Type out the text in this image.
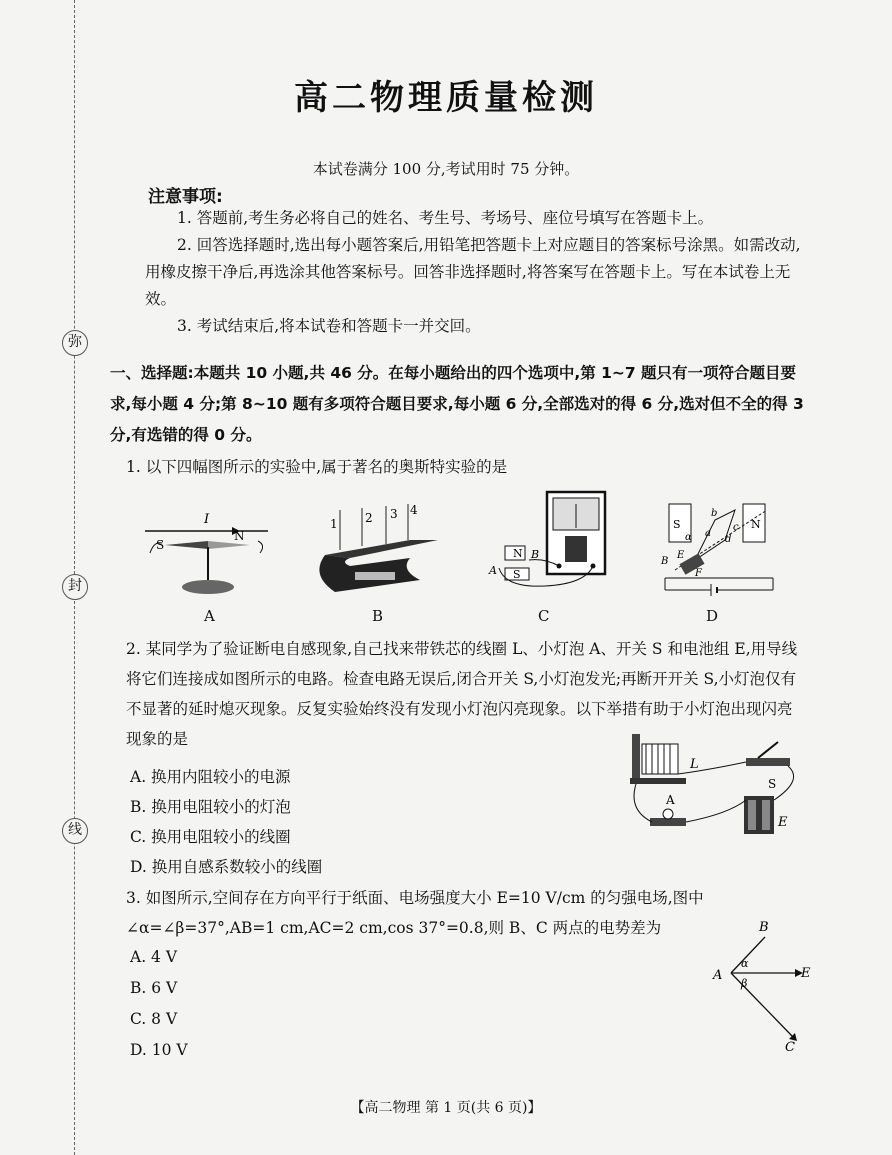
弥
封
线
高二物理质量检测
本试卷满分 100 分,考试用时 75 分钟。
注意事项:
1. 答题前,考生务必将自己的姓名、考生号、考场号、座位号填写在答题卡上。
2. 回答选择题时,选出每小题答案后,用铅笔把答题卡上对应题目的答案标号涂黑。如需改动,用橡皮擦干净后,再选涂其他答案标号。回答非选择题时,将答案写在答题卡上。写在本试卷上无效。
3. 考试结束后,将本试卷和答题卡一并交回。
一、选择题:本题共 10 小题,共 46 分。在每小题给出的四个选项中,第 1~7 题只有一项符合题目要求,每小题 4 分;第 8~10 题有多项符合题目要求,每小题 6 分,全部选对的得 6 分,选对但不全的得 3 分,有选错的得 0 分。
1. 以下四幅图所示的实验中,属于著名的奥斯特实验的是
I
S
N
1 2 3 4
N
S
A
B
S	N
b
c
d
a
α
E
B
F
A	B	C	D
2. 某同学为了验证断电自感现象,自己找来带铁芯的线圈 L、小灯泡 A、开关 S 和电池组 E,用导线将它们连接成如图所示的电路。检查电路无误后,闭合开关 S,小灯泡发光;再断开开关 S,小灯泡仅有不显著的延时熄灭现象。反复实验始终没有发现小灯泡闪亮现象。以下举措有助于小灯泡出现闪亮现象的是
L
S
A
E
A. 换用内阻较小的电源
B. 换用电阻较小的灯泡
C. 换用电阻较小的线圈
D. 换用自感系数较小的线圈
3. 如图所示,空间存在方向平行于纸面、电场强度大小 E=10 V/cm 的匀强电场,图中∠α=∠β=37°,AB=1 cm,AC=2 cm,cos 37°=0.8,则 B、C 两点的电势差为
A. 4 V
B. 6 V
C. 8 V
D. 10 V
B
A	E
C
α
β
【高二物理 第 1 页(共 6 页)】
